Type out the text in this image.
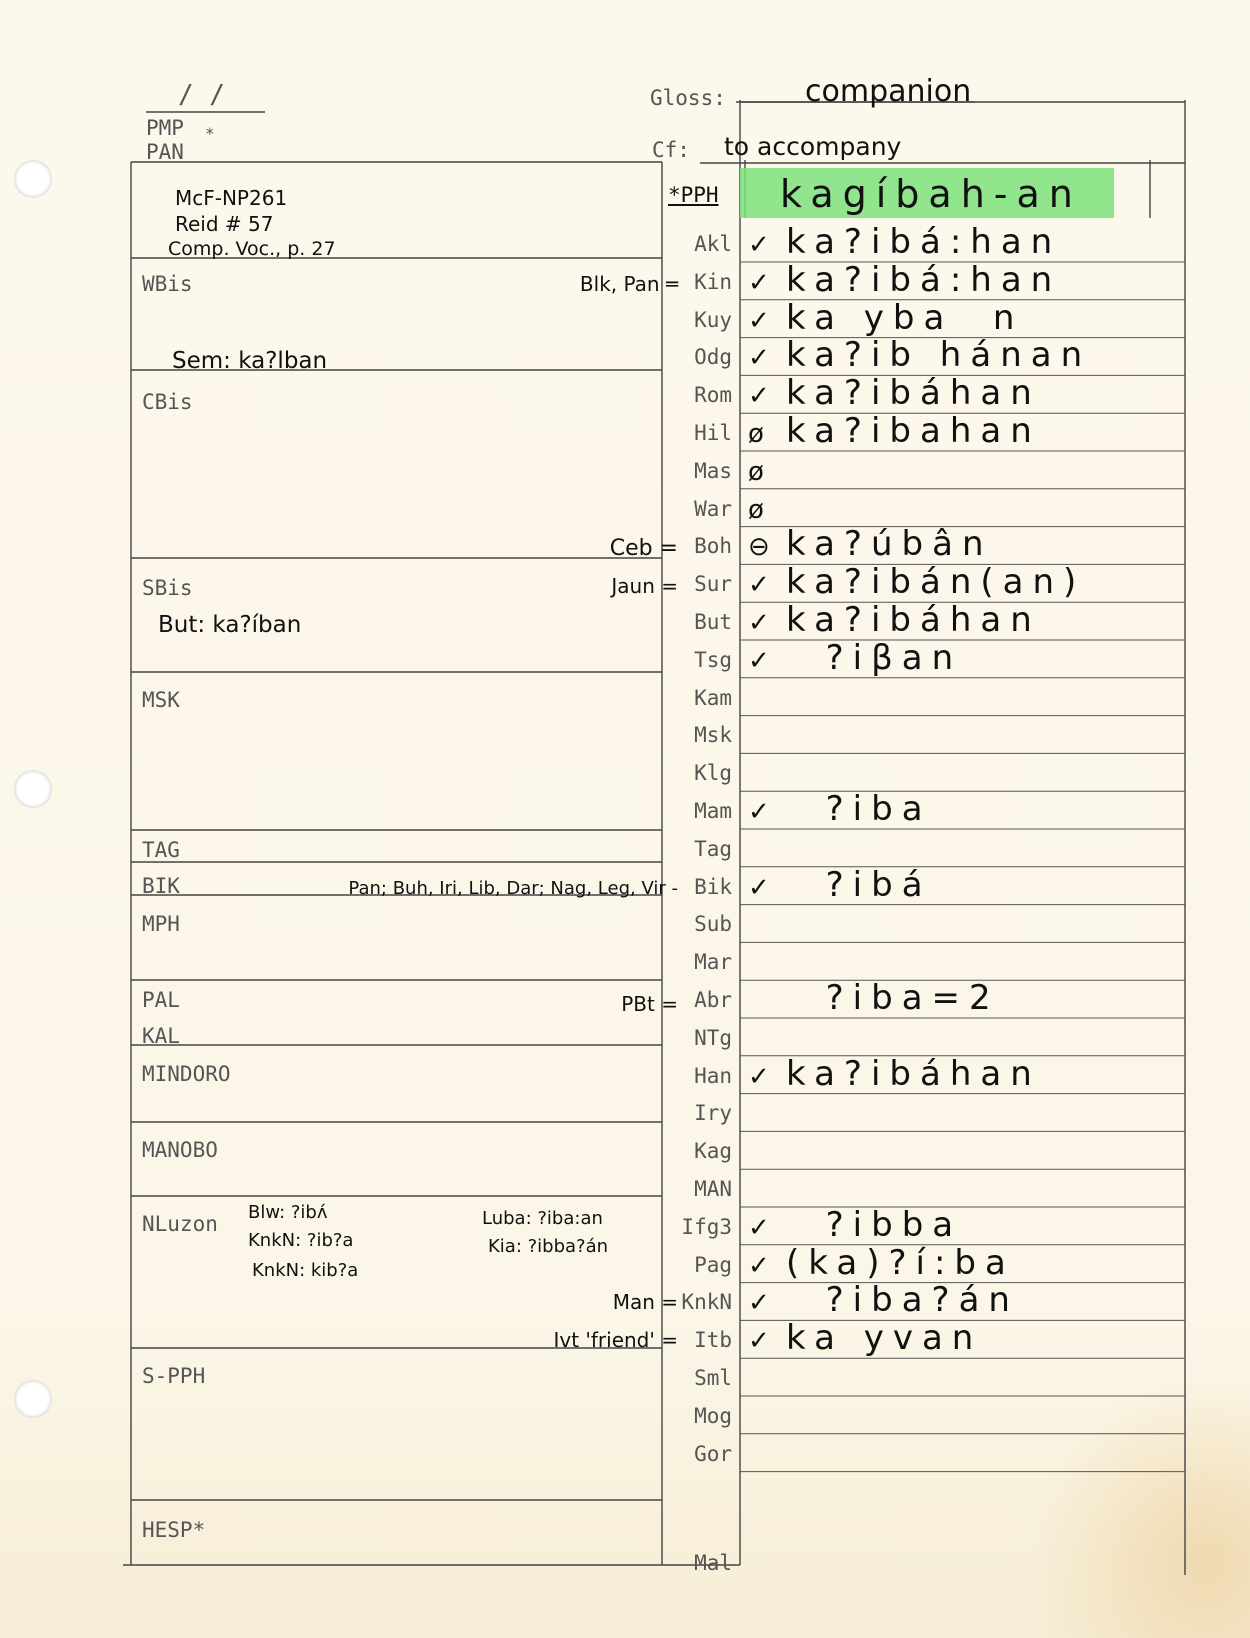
/ /
PMP *
PAN
Gloss:	companion
Cf: to accompany
*PPH kagíbah-an
McF-NP261
Reid # 57
Comp. Voc., p. 27
WBis
CBis
SBis
MSK
TAG
BIK
MPH
PAL
KAL
MINDORO
MANOBO
NLuzon
S-PPH
HESP*
Sem: ka?lban
But: ka?íban
Blw: ?ibʌ́
KnkN: ?ib?a
KnkN: kib?a
Luba: ?iba:an
Kia: ?ibba?án
Blk, Pan ═
Ceb =
Jaun =
Pan; Buh, Iri, Lib, Dar; Nag, Leg, Vir -
PBt =
Man =
Ivt 'friend' =
Akl ✓ ka?ibá:han
Kin ✓ ka?ibá:han
Kuy ✓ ka yba  n
Odg ✓ ka?ib hánan
Rom ✓ ka?ibáhan
Hil ø ka?ibahan
Mas ø
War ø
Boh ⊖ ka?úbân
Sur ✓ ka?ibán(an)
But ✓ ka?ibáhan
Tsg ✓ ?iβan
Kam
Msk
Klg
Mam ✓ ?iba
Tag
Bik ✓ ?ibá
Sub
Mar
Abr ?iba=2
NTg
Han ✓ ka?ibáhan
Iry
Kag
MAN
Ifg3 ✓ ?ibba
Pag ✓ (ka)?í:ba
KnkN ✓ ?iba?án
Itb ✓ ka yvan
Sml
Mog
Gor
Mal
